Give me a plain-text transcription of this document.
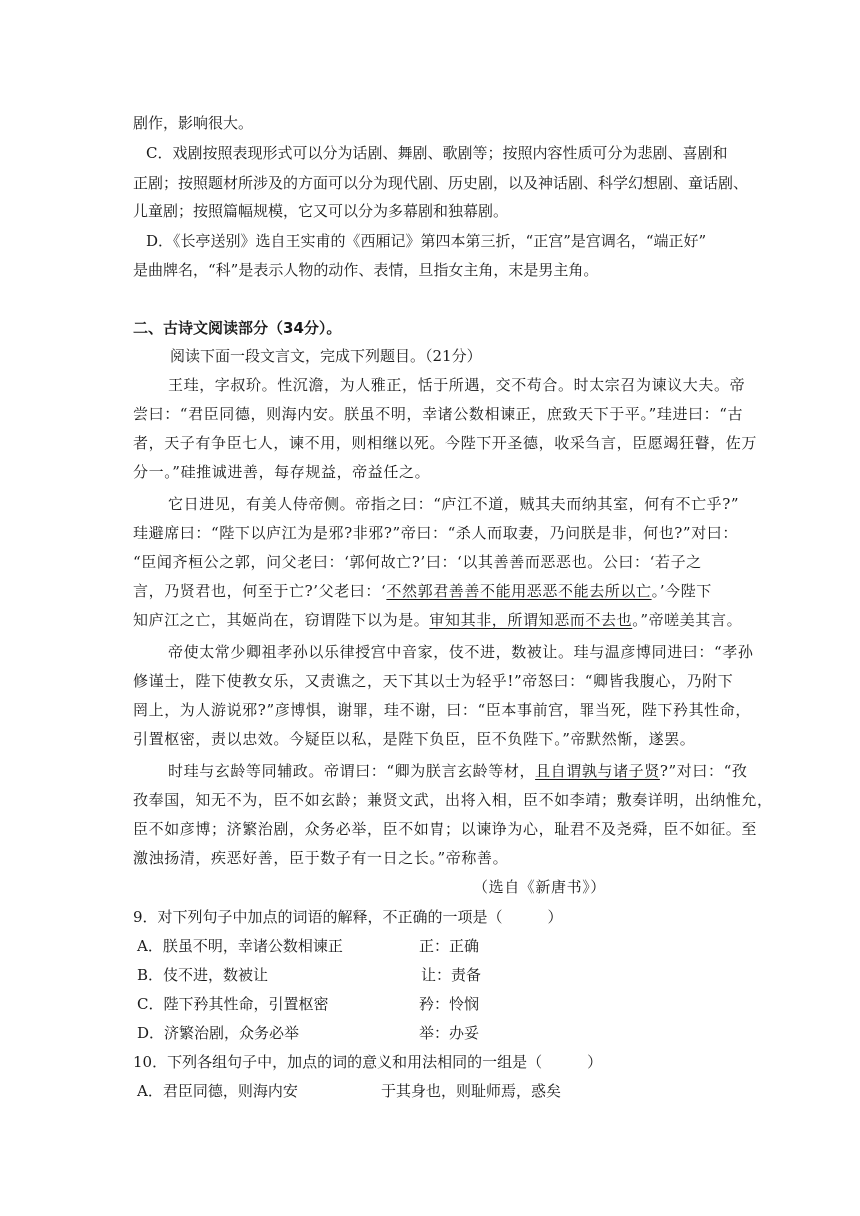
剧作，影响很大。
C．戏剧按照表现形式可以分为话剧、舞剧、歌剧等；按照内容性质可分为悲剧、喜剧和
正剧；按照题材所涉及的方面可以分为现代剧、历史剧，以及神话剧、科学幻想剧、童话剧、
儿童剧；按照篇幅规模，它又可以分为多幕剧和独幕剧。
D．《长亭送别》选自王实甫的《西厢记》第四本第三折，“正宫”是宫调名，“端正好”
是曲牌名，“科”是表示人物的动作、表情，旦指女主角，末是男主角。
二、古诗文阅读部分（34分）。
阅读下面一段文言文，完成下列题目。（21分）
王珪，字叔玠。性沉澹，为人雅正，恬于所遇，交不苟合。时太宗召为谏议大夫。帝
尝曰：“君臣同德，则海内安。朕虽不明，幸诸公数相谏正，庶致天下于平。”珪进曰：“古
者，天子有争臣七人，谏不用，则相继以死。今陛下开圣德，收采刍言，臣愿竭狂瞽，佐万
分一。”硅推诚进善，每存规益，帝益任之。
它日进见，有美人侍帝侧。帝指之曰：“庐江不道，贼其夫而纳其室，何有不亡乎?”
珪避席曰：“陛下以庐江为是邪?非邪?”帝曰：“杀人而取妻，乃问朕是非，何也?”对曰：
“臣闻齐桓公之郭，问父老曰：‘郭何故亡?’曰：‘以其善善而恶恶也。公曰：‘若子之
言，乃贤君也，何至于亡?’父老曰：‘不然郭君善善不能用恶恶不能去所以亡。’今陛下
知庐江之亡，其姬尚在，窃谓陛下以为是。审知其非，所谓知恶而不去也。”帝嗟美其言。
帝使太常少卿祖孝孙以乐律授宫中音家，伎不进，数被让。珪与温彦博同进曰：“孝孙
修谨士，陛下使教女乐，又责谯之，天下其以士为轻乎!”帝怒曰：“卿皆我腹心，乃附下
罔上，为人游说邪?”彦博惧，谢罪，珪不谢，曰：“臣本事前宫，罪当死，陛下矜其性命，
引置枢密，责以忠效。今疑臣以私，是陛下负臣，臣不负陛下。”帝默然惭，遂罢。
时珪与玄龄等同辅政。帝谓曰：“卿为朕言玄龄等材，且自谓孰与诸子贤?”对曰：“孜
孜奉国，知无不为，臣不如玄龄；兼贤文武，出将入相，臣不如李靖；敷奏详明，出纳惟允，
臣不如彦博；济繁治剧，众务必举，臣不如胄；以谏诤为心，耻君不及尧舜，臣不如征。至
激浊扬清，疾恶好善，臣于数子有一日之长。”帝称善。
（选自《新唐书》）
9．对下列句子中加点的词语的解释，不正确的一项是（　　　）
A．朕虽不明，幸诸公数相谏正	正：正确
B．伎不进，数被让	让：责备
C．陛下矜其性命，引置枢密	矜：怜悯
D．济繁治剧，众务必举	举：办妥
10．下列各组句子中，加点的词的意义和用法相同的一组是（　　　）
A．君臣同德，则海内安	于其身也，则耻师焉，惑矣
